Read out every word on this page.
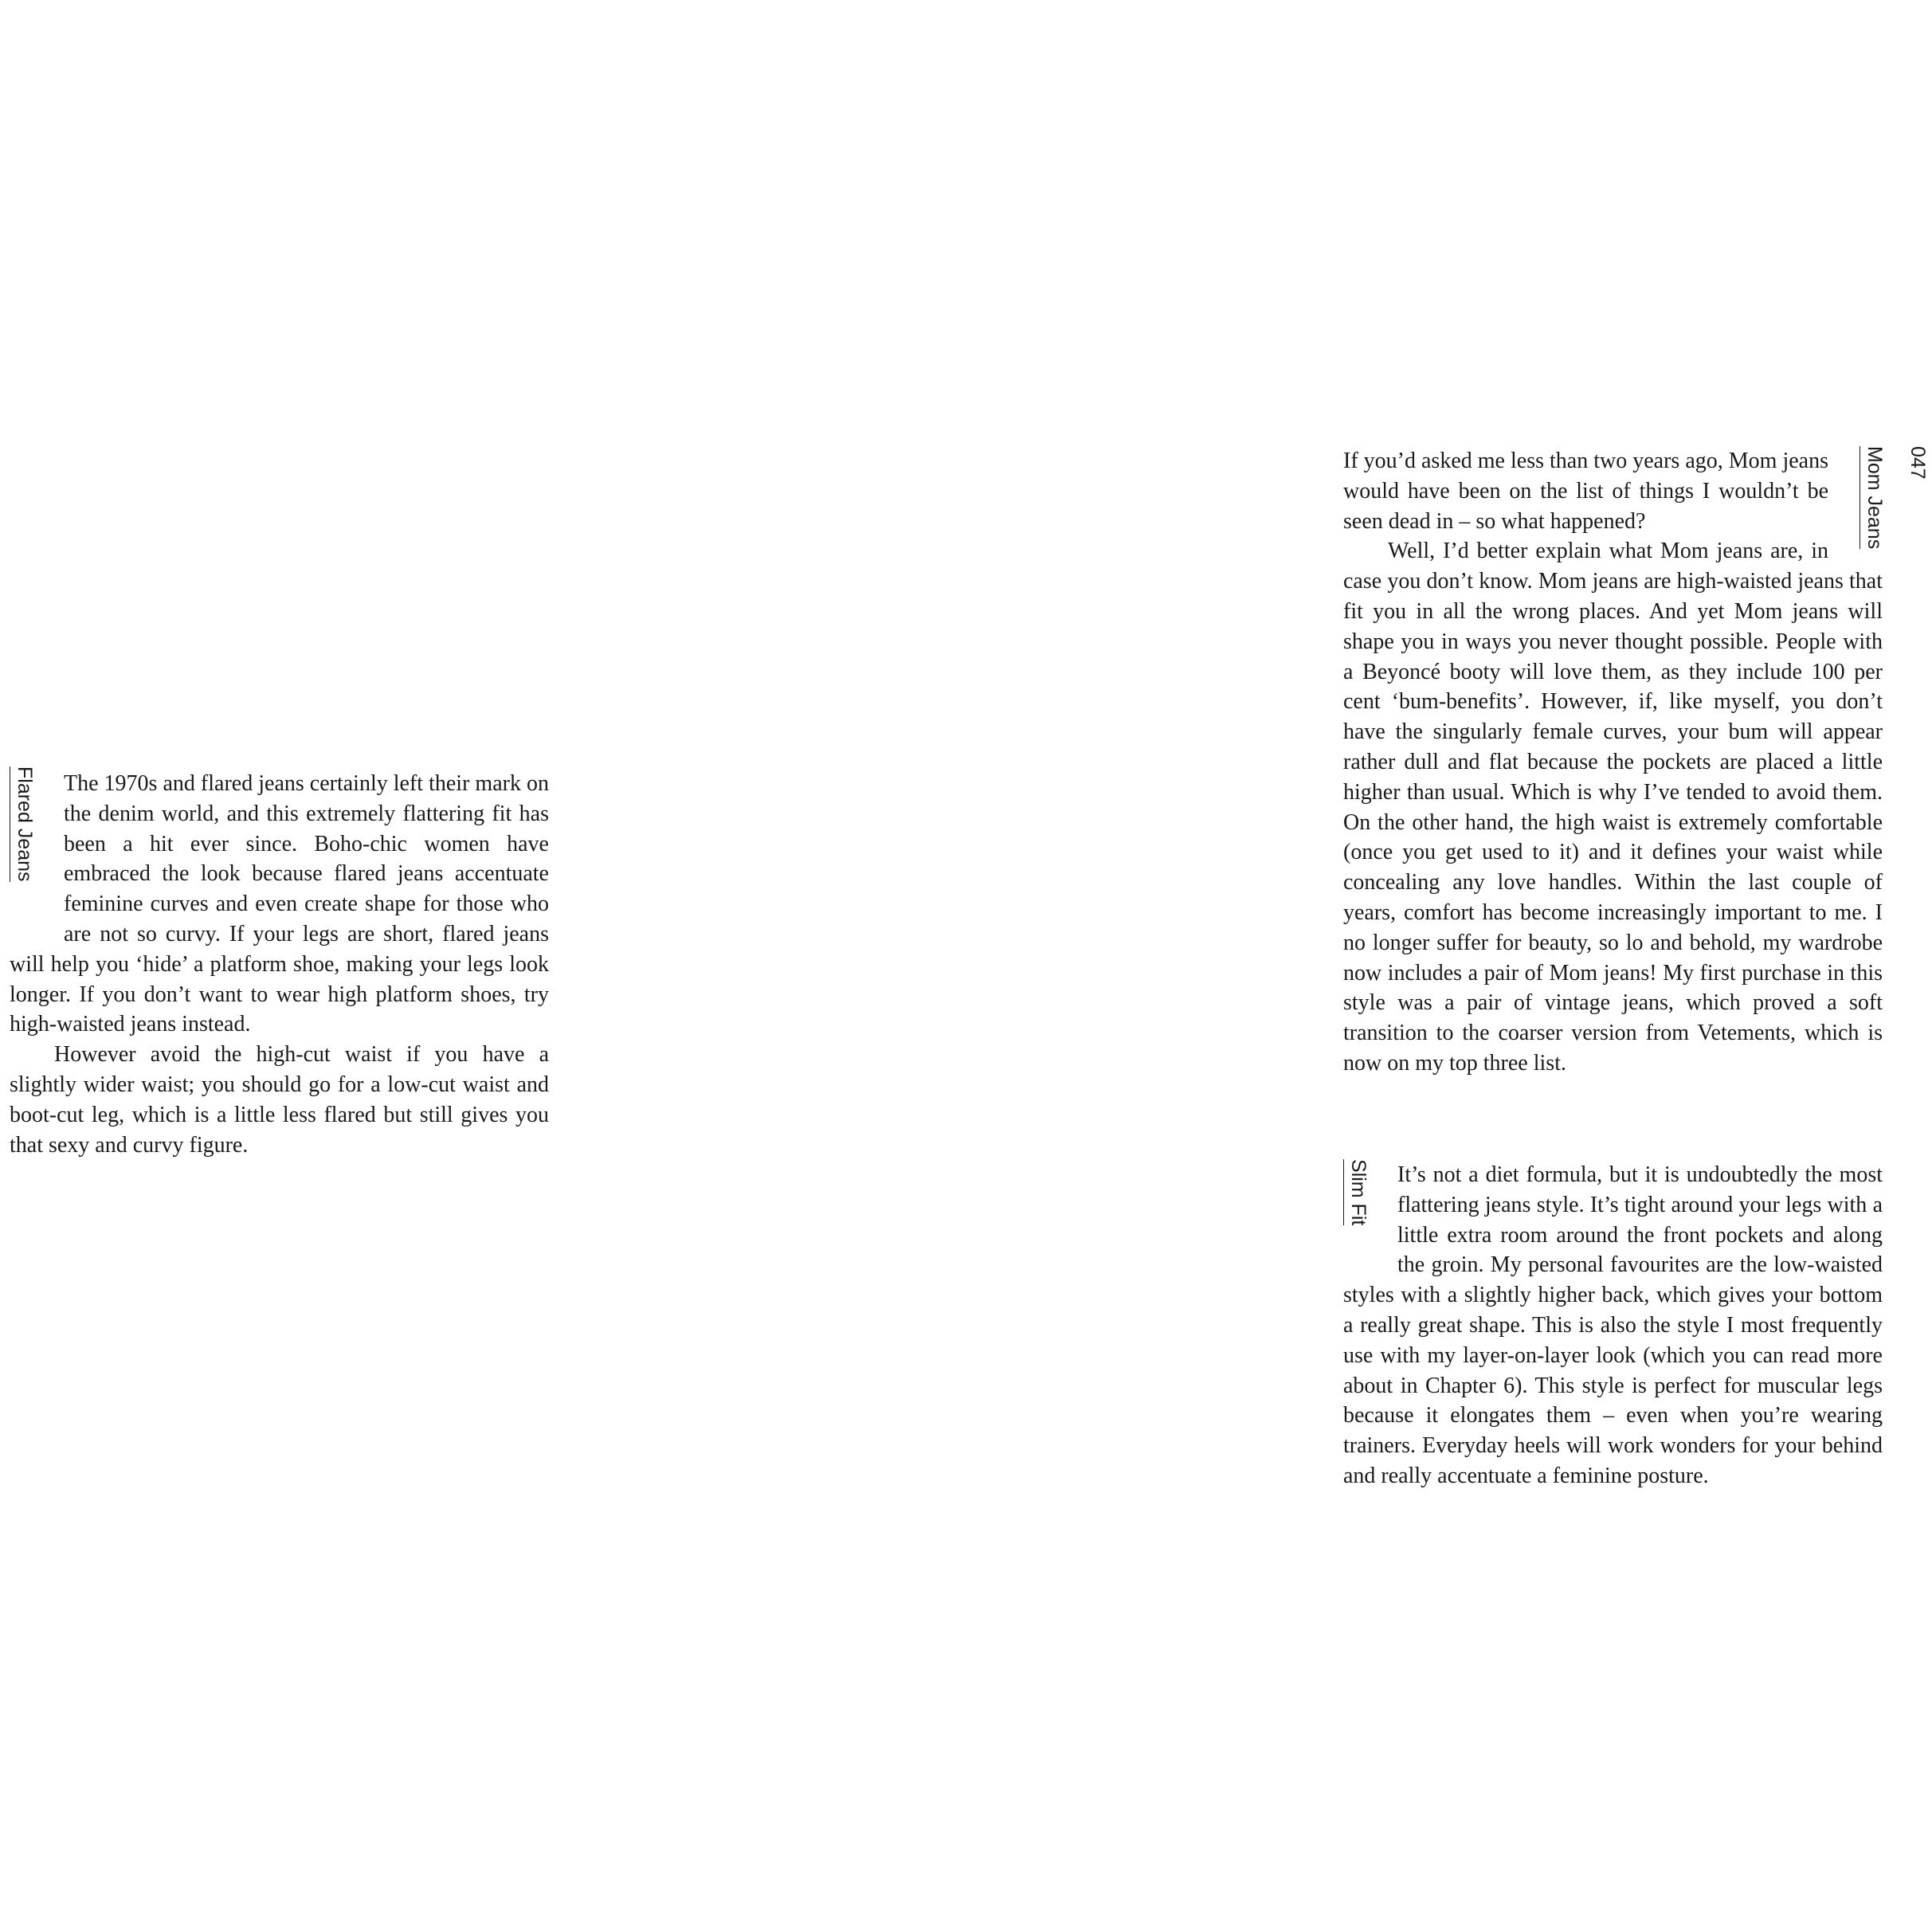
Flared Jeans	The 1970s and flared jeans certainly left their mark on the denim world, and this extremely flattering fit has been a hit ever since. Boho-chic women have embraced the look because flared jeans accentuate feminine curves and even create shape for those who are not so curvy. If your legs are short, flared jeans will help you ‘hide’ a platform shoe, making your legs look longer. If you don’t want to wear high platform shoes, try high-waisted jeans instead.

However avoid the high-cut waist if you have a slightly wider waist; you should go for a low-cut waist and boot-cut leg, which is a little less flared but still gives you that sexy and curvy figure.

047
Mom Jeans

If you’d asked me less than two years ago, Mom jeans would have been on the list of things I wouldn’t be seen dead in – so what happened?

Well, I’d better explain what Mom jeans are, in case you don’t know. Mom jeans are high-waisted jeans that fit you in all the wrong places. And yet Mom jeans will shape you in ways you never thought possible. People with a Beyoncé booty will love them, as they include 100 per cent ‘bum-benefits’. However, if, like myself, you don’t have the singularly female curves, your bum will appear rather dull and flat because the pockets are placed a little higher than usual. Which is why I’ve tended to avoid them. On the other hand, the high waist is extremely comfortable (once you get used to it) and it defines your waist while concealing any love handles. Within the last couple of years, comfort has become increasingly important to me. I no longer suffer for beauty, so lo and behold, my wardrobe now includes a pair of Mom jeans! My first purchase in this style was a pair of vintage jeans, which proved a soft transition to the coarser version from Vetements, which is now on my top three list.

Slim Fit	It’s not a diet formula, but it is undoubtedly the most flattering jeans style. It’s tight around your legs with a little extra room around the front pockets and along the groin. My personal favourites are the low-waisted styles with a slightly higher back, which gives your bottom a really great shape. This is also the style I most frequently use with my layer-on-layer look (which you can read more about in Chapter 6). This style is perfect for muscular legs because it elongates them – even when you’re wearing trainers. Everyday heels will work wonders for your behind and really accentuate a feminine posture.
